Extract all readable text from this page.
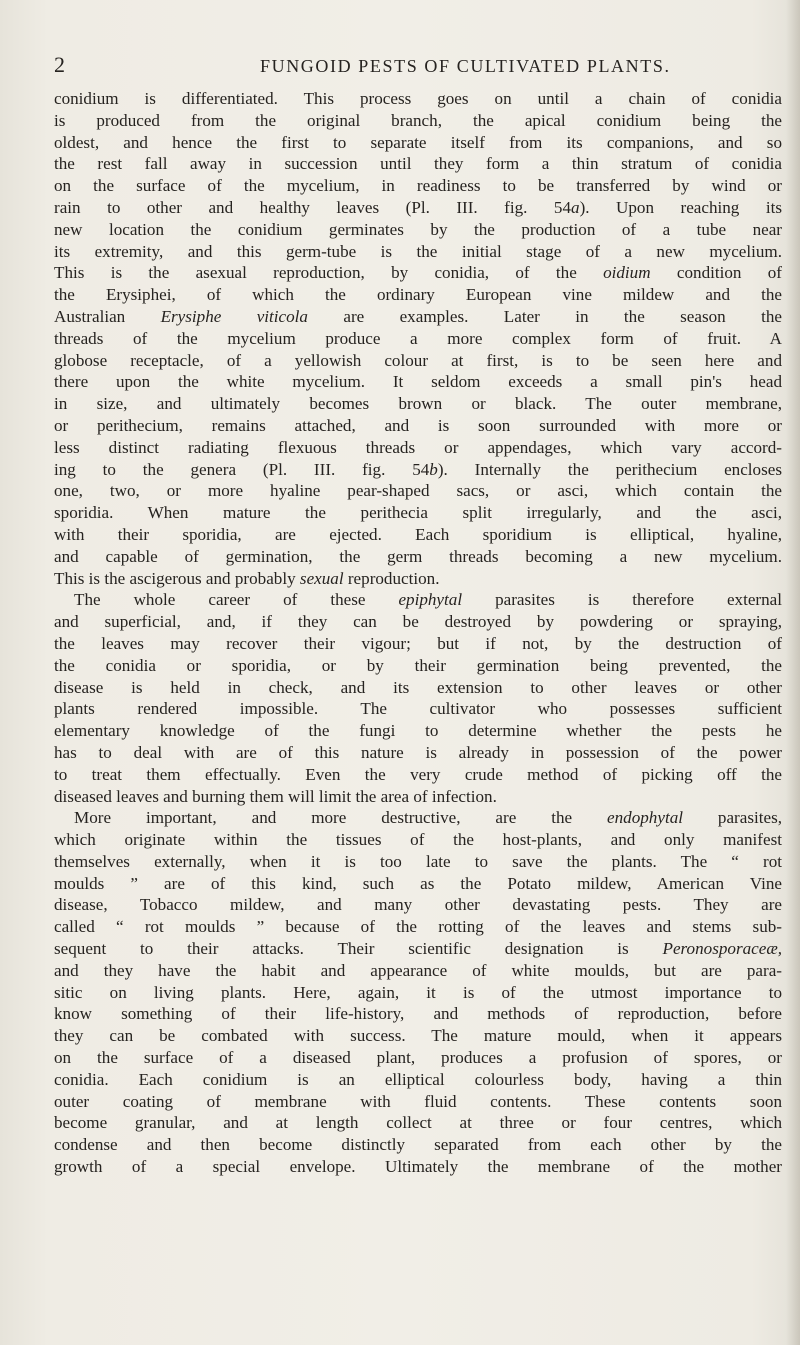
2	FUNGOID PESTS OF CULTIVATED PLANTS.
conidium is differentiated. This process goes on until a chain of conidia
is produced from the original branch, the apical conidium being the
oldest, and hence the first to separate itself from its companions, and so
the rest fall away in succession until they form a thin stratum of conidia
on the surface of the mycelium, in readiness to be transferred by wind or
rain to other and healthy leaves (Pl. III. fig. 54a). Upon reaching its
new location the conidium germinates by the production of a tube near
its extremity, and this germ-tube is the initial stage of a new mycelium.
This is the asexual reproduction, by conidia, of the oidium condition of
the Erysiphei, of which the ordinary European vine mildew and the
Australian Erysiphe viticola are examples. Later in the season the
threads of the mycelium produce a more complex form of fruit. A
globose receptacle, of a yellowish colour at first, is to be seen here and
there upon the white mycelium. It seldom exceeds a small pin's head
in size, and ultimately becomes brown or black. The outer membrane,
or perithecium, remains attached, and is soon surrounded with more or
less distinct radiating flexuous threads or appendages, which vary accord-
ing to the genera (Pl. III. fig. 54b). Internally the perithecium encloses
one, two, or more hyaline pear-shaped sacs, or asci, which contain the
sporidia. When mature the perithecia split irregularly, and the asci,
with their sporidia, are ejected. Each sporidium is elliptical, hyaline,
and capable of germination, the germ threads becoming a new mycelium.
This is the ascigerous and probably sexual reproduction.
The whole career of these epiphytal parasites is therefore external
and superficial, and, if they can be destroyed by powdering or spraying,
the leaves may recover their vigour; but if not, by the destruction of
the conidia or sporidia, or by their germination being prevented, the
disease is held in check, and its extension to other leaves or other
plants rendered impossible. The cultivator who possesses sufficient
elementary knowledge of the fungi to determine whether the pests he
has to deal with are of this nature is already in possession of the power
to treat them effectually. Even the very crude method of picking off the
diseased leaves and burning them will limit the area of infection.
More important, and more destructive, are the endophytal parasites,
which originate within the tissues of the host-plants, and only manifest
themselves externally, when it is too late to save the plants. The “ rot
moulds ” are of this kind, such as the Potato mildew, American Vine
disease, Tobacco mildew, and many other devastating pests. They are
called “ rot moulds ” because of the rotting of the leaves and stems sub-
sequent to their attacks. Their scientific designation is Peronosporaceæ,
and they have the habit and appearance of white moulds, but are para-
sitic on living plants. Here, again, it is of the utmost importance to
know something of their life-history, and methods of reproduction, before
they can be combated with success. The mature mould, when it appears
on the surface of a diseased plant, produces a profusion of spores, or
conidia. Each conidium is an elliptical colourless body, having a thin
outer coating of membrane with fluid contents. These contents soon
become granular, and at length collect at three or four centres, which
condense and then become distinctly separated from each other by the
growth of a special envelope. Ultimately the membrane of the mother
